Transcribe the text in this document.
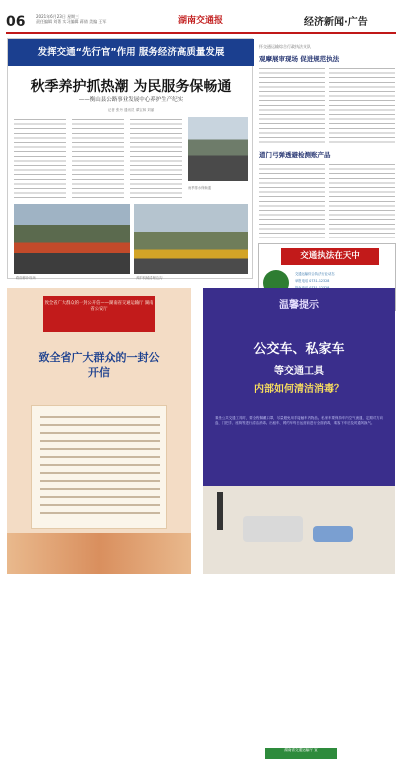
06	2021年6月23日 星期三
责任编辑 刘菁 实习编辑 蒋倩 美编 王军	湖南交通报	经济新闻·广告
发挥交通“先行官”作用 服务经济高质量发展
秋季养护抓热潮 为民服务保畅通
——衡山县公路事业发展中心养护生产纪实
记者 张丹 通讯员 谭宝林 刘丽
雨季排水保畅通
路面修补现场	养护机械清理边沟
怀交通运输综合行政执法支队
观摩展审现场 促进规范执法
道门弓弹透避检测账产品
交通执法在天中
交通运输综合执法行业动态
举报电话 0731-12328
致全省广大群众的一封公开信——湖南省交通运输厅 湖南省公安厅
致全省广大群众的一封公开信
温馨提示
公交车、私家车
等交通工具
内部如何清洁消毒？
乘坐公共交通工具时，要全程佩戴口罩，尽量避免用手接触车内物品。私家车要保持车内空气流通，定期对方向盘、门把手、座椅等进行清洁消毒。出租车、网约车每日运营前进行全面消毒，乘客下车后及时通风换气。
湖南省交通运输厅 宣
